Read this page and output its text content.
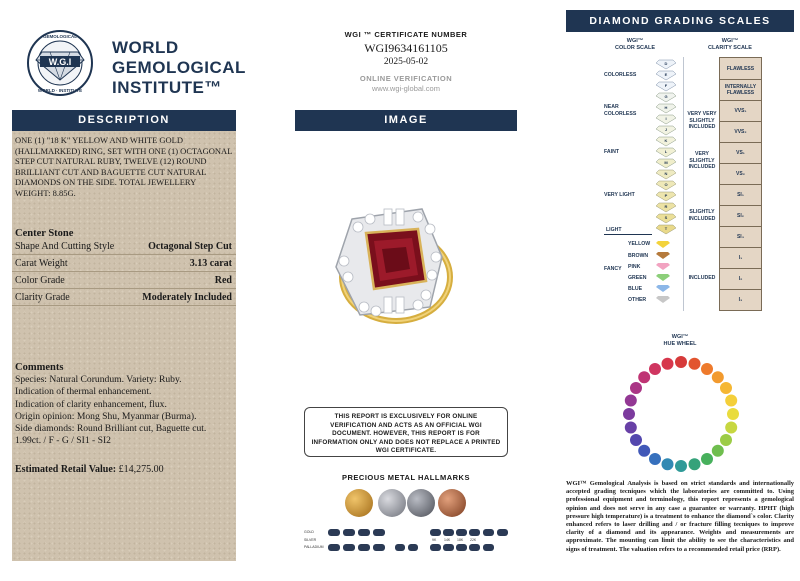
W.G.I
GEMOLOGICAL
WORLD · INSTITUTE
WORLD
GEMOLOGICAL
INSTITUTE™
DESCRIPTION
ONE (1) "18 K" YELLOW AND WHITE GOLD (HALLMARKED) RING, SET WITH ONE (1) OCTAGONAL STEP CUT NATURAL RUBY, TWELVE (12) ROUND BRILLIANT CUT AND BAGUETTE CUT NATURAL DIAMONDS ON THE SIDE. TOTAL JEWELLERY WEIGHT: 8.85G.
Center Stone
Shape And Cutting Style	Octagonal Step Cut
Carat Weight	3.13 carat
Color Grade	Red
Clarity Grade	Moderately Included
Comments
Species: Natural Corundum. Variety: Ruby.
Indication of thermal enhancement.
Indication of clarity enhancement, flux.
Origin opinion: Mong Shu, Myanmar (Burma).
Side diamonds: Round Brilliant cut, Baguette cut.
1.99ct. / F - G / SI1 - SI2
Estimated Retail Value: £14,275.00
WGI ™ CERTIFICATE NUMBER
WGI9634161105
2025-05-02
ONLINE VERIFICATION
www.wgi-global.com
IMAGE
THIS REPORT IS EXCLUSIVELY FOR ONLINE VERIFICATION AND ACTS AS AN OFFICIAL WGI DOCUMENT. HOWEVER, THIS REPORT IS FOR INFORMATION ONLY AND DOES NOT REPLACE A PRINTED WGI CERTIFICATE.
PRECIOUS METAL HALLMARKS
GOLD
PALLADIUM
SILVER	9K 14K 18K 22K
DIAMOND GRADING SCALES
WGI™
COLOR SCALE
WGI™
CLARITY SCALE
COLORLESS
NEAR COLORLESS
FAINT
VERY LIGHT
LIGHT
D
E
F
G
H
I
J
K
L
M
N
O
P
R
S
T
YELLOW
BROWN
PINK
GREEN
BLUE
OTHER
FANCY
VERY VERY
SLIGHTLY
INCLUDED
VERY
SLIGHTLY
INCLUDED
SLIGHTLY
INCLUDED
INCLUDED
FLAWLESS
INTERNALLY FLAWLESS
VVS₁
VVS₂
VS₁
VS₂
SI₁
SI₂
SI₃
I₁
I₂
I₃
WGI™
HUE WHEEL
WGI™ Gemological Analysis is based on strict standards and internationally accepted grading tecniques which the laboratories are committed to. Using professional equipment and terminology, this report represents a gemological opinion and does not serve in any case a guarantee or warranty. HPHT (high pressure high temperature) is a treatment to enhance the diamond`s color. Clarity enhanced refers to laser drilling and / or fracture filling tecniques to improve clarity of a diamond and its appearance. Weights and measurements are approximate. The mounting can limit the ability to see the characteristics and signs of treatment. The valuation refers to a recommended retail price (RRP).
